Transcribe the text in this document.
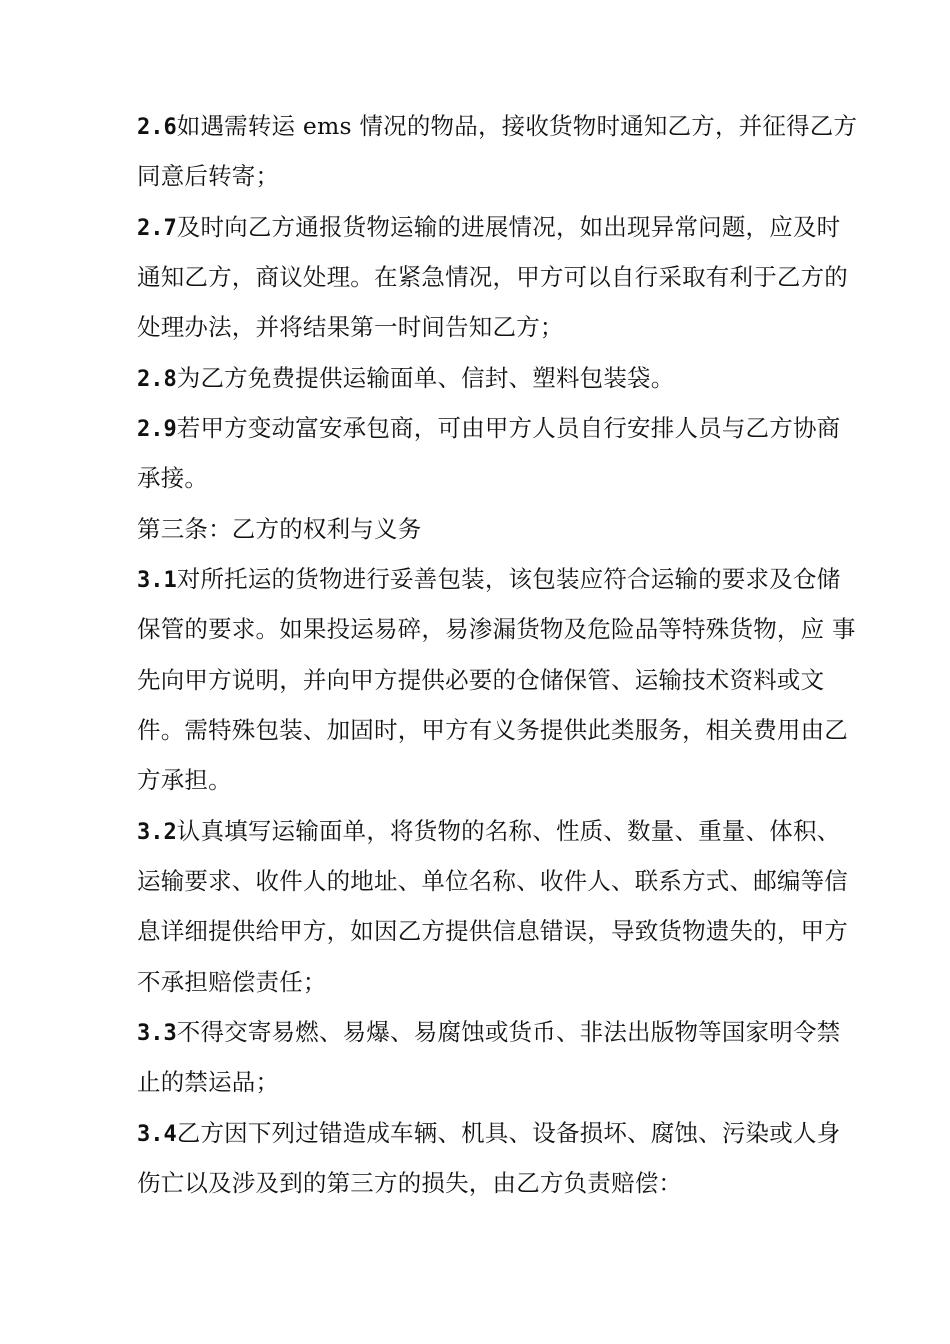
2.6如遇需转运 ems 情况的物品，接收货物时通知乙方，并征得乙方
同意后转寄；
2.7及时向乙方通报货物运输的进展情况，如出现异常问题，应及时
通知乙方，商议处理。在紧急情况，甲方可以自行采取有利于乙方的
处理办法，并将结果第一时间告知乙方；
2.8为乙方免费提供运输面单、信封、塑料包装袋。
2.9若甲方变动富安承包商，可由甲方人员自行安排人员与乙方协商
承接。
第三条：乙方的权利与义务
3.1对所托运的货物进行妥善包装，该包装应符合运输的要求及仓储
保管的要求。如果投运易碎，易渗漏货物及危险品等特殊货物，应 事
先向甲方说明，并向甲方提供必要的仓储保管、运输技术资料或文
件。需特殊包装、加固时，甲方有义务提供此类服务，相关费用由乙
方承担。
3.2认真填写运输面单，将货物的名称、性质、数量、重量、体积、
运输要求、收件人的地址、单位名称、收件人、联系方式、邮编等信
息详细提供给甲方，如因乙方提供信息错误，导致货物遗失的，甲方
不承担赔偿责任；
3.3不得交寄易燃、易爆、易腐蚀或货币、非法出版物等国家明令禁
止的禁运品；
3.4乙方因下列过错造成车辆、机具、设备损坏、腐蚀、污染或人身
伤亡以及涉及到的第三方的损失，由乙方负责赔偿：
